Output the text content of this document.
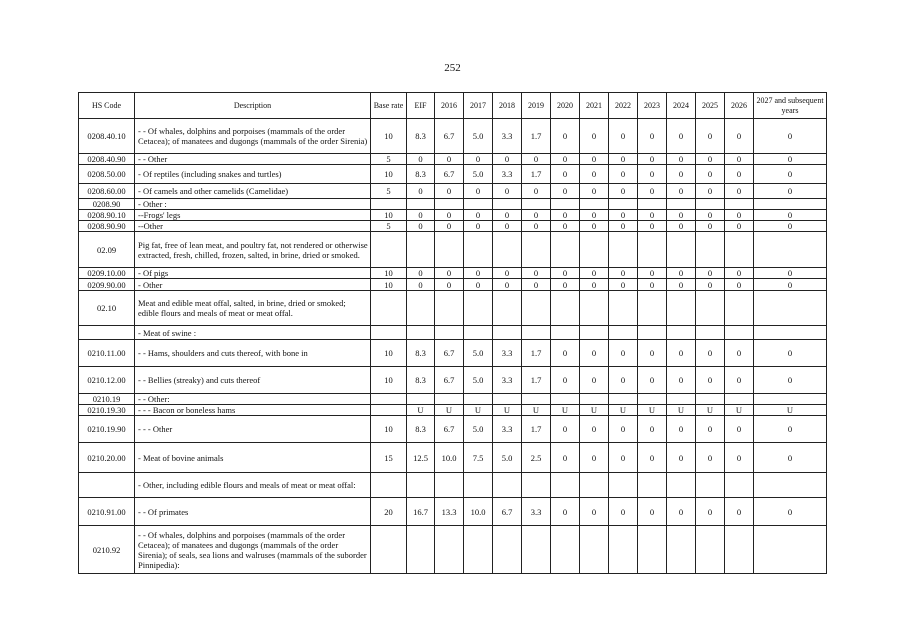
252
HS Code	Description	Base rate	EIF	2016	2017	2018	2019	2020	2021	2022	2023	2024	2025	2026	2027 and subsequent years
0208.40.10	- - Of whales, dolphins and porpoises (mammals of the order Cetacea); of manatees and dugongs (mammals of the order Sirenia)	10	8.3	6.7	5.0	3.3	1.7	0	0	0	0	0	0	0	0
0208.40.90	- - Other	5	0	0	0	0	0	0	0	0	0	0	0	0	0
0208.50.00	- Of reptiles (including snakes and turtles)	10	8.3	6.7	5.0	3.3	1.7	0	0	0	0	0	0	0	0
0208.60.00	- Of camels and other camelids (Camelidae)	5	0	0	0	0	0	0	0	0	0	0	0	0	0
0208.90	- Other :														
0208.90.10	--Frogs' legs	10	0	0	0	0	0	0	0	0	0	0	0	0	0
0208.90.90	--Other	5	0	0	0	0	0	0	0	0	0	0	0	0	0
02.09	Pig fat, free of lean meat, and poultry fat, not rendered or otherwise extracted, fresh, chilled, frozen, salted, in brine, dried or smoked.														
0209.10.00	- Of pigs	10	0	0	0	0	0	0	0	0	0	0	0	0	0
0209.90.00	- Other	10	0	0	0	0	0	0	0	0	0	0	0	0	0
02.10	Meat and edible meat offal, salted, in brine, dried or smoked; edible flours and meals of meat or meat offal.														
	- Meat of swine :														
0210.11.00	- - Hams, shoulders and cuts thereof, with bone in	10	8.3	6.7	5.0	3.3	1.7	0	0	0	0	0	0	0	0
0210.12.00	- - Bellies (streaky) and cuts thereof	10	8.3	6.7	5.0	3.3	1.7	0	0	0	0	0	0	0	0
0210.19	- - Other:														
0210.19.30	- - - Bacon or boneless hams		U	U	U	U	U	U	U	U	U	U	U	U	U
0210.19.90	- - - Other	10	8.3	6.7	5.0	3.3	1.7	0	0	0	0	0	0	0	0
0210.20.00	- Meat of bovine animals	15	12.5	10.0	7.5	5.0	2.5	0	0	0	0	0	0	0	0
	- Other, including edible flours and meals of meat or meat offal:														
0210.91.00	- - Of primates	20	16.7	13.3	10.0	6.7	3.3	0	0	0	0	0	0	0	0
0210.92	- - Of whales, dolphins and porpoises (mammals of the order Cetacea); of manatees and dugongs (mammals of the order Sirenia); of seals, sea lions and walruses (mammals of the suborder Pinnipedia):														
